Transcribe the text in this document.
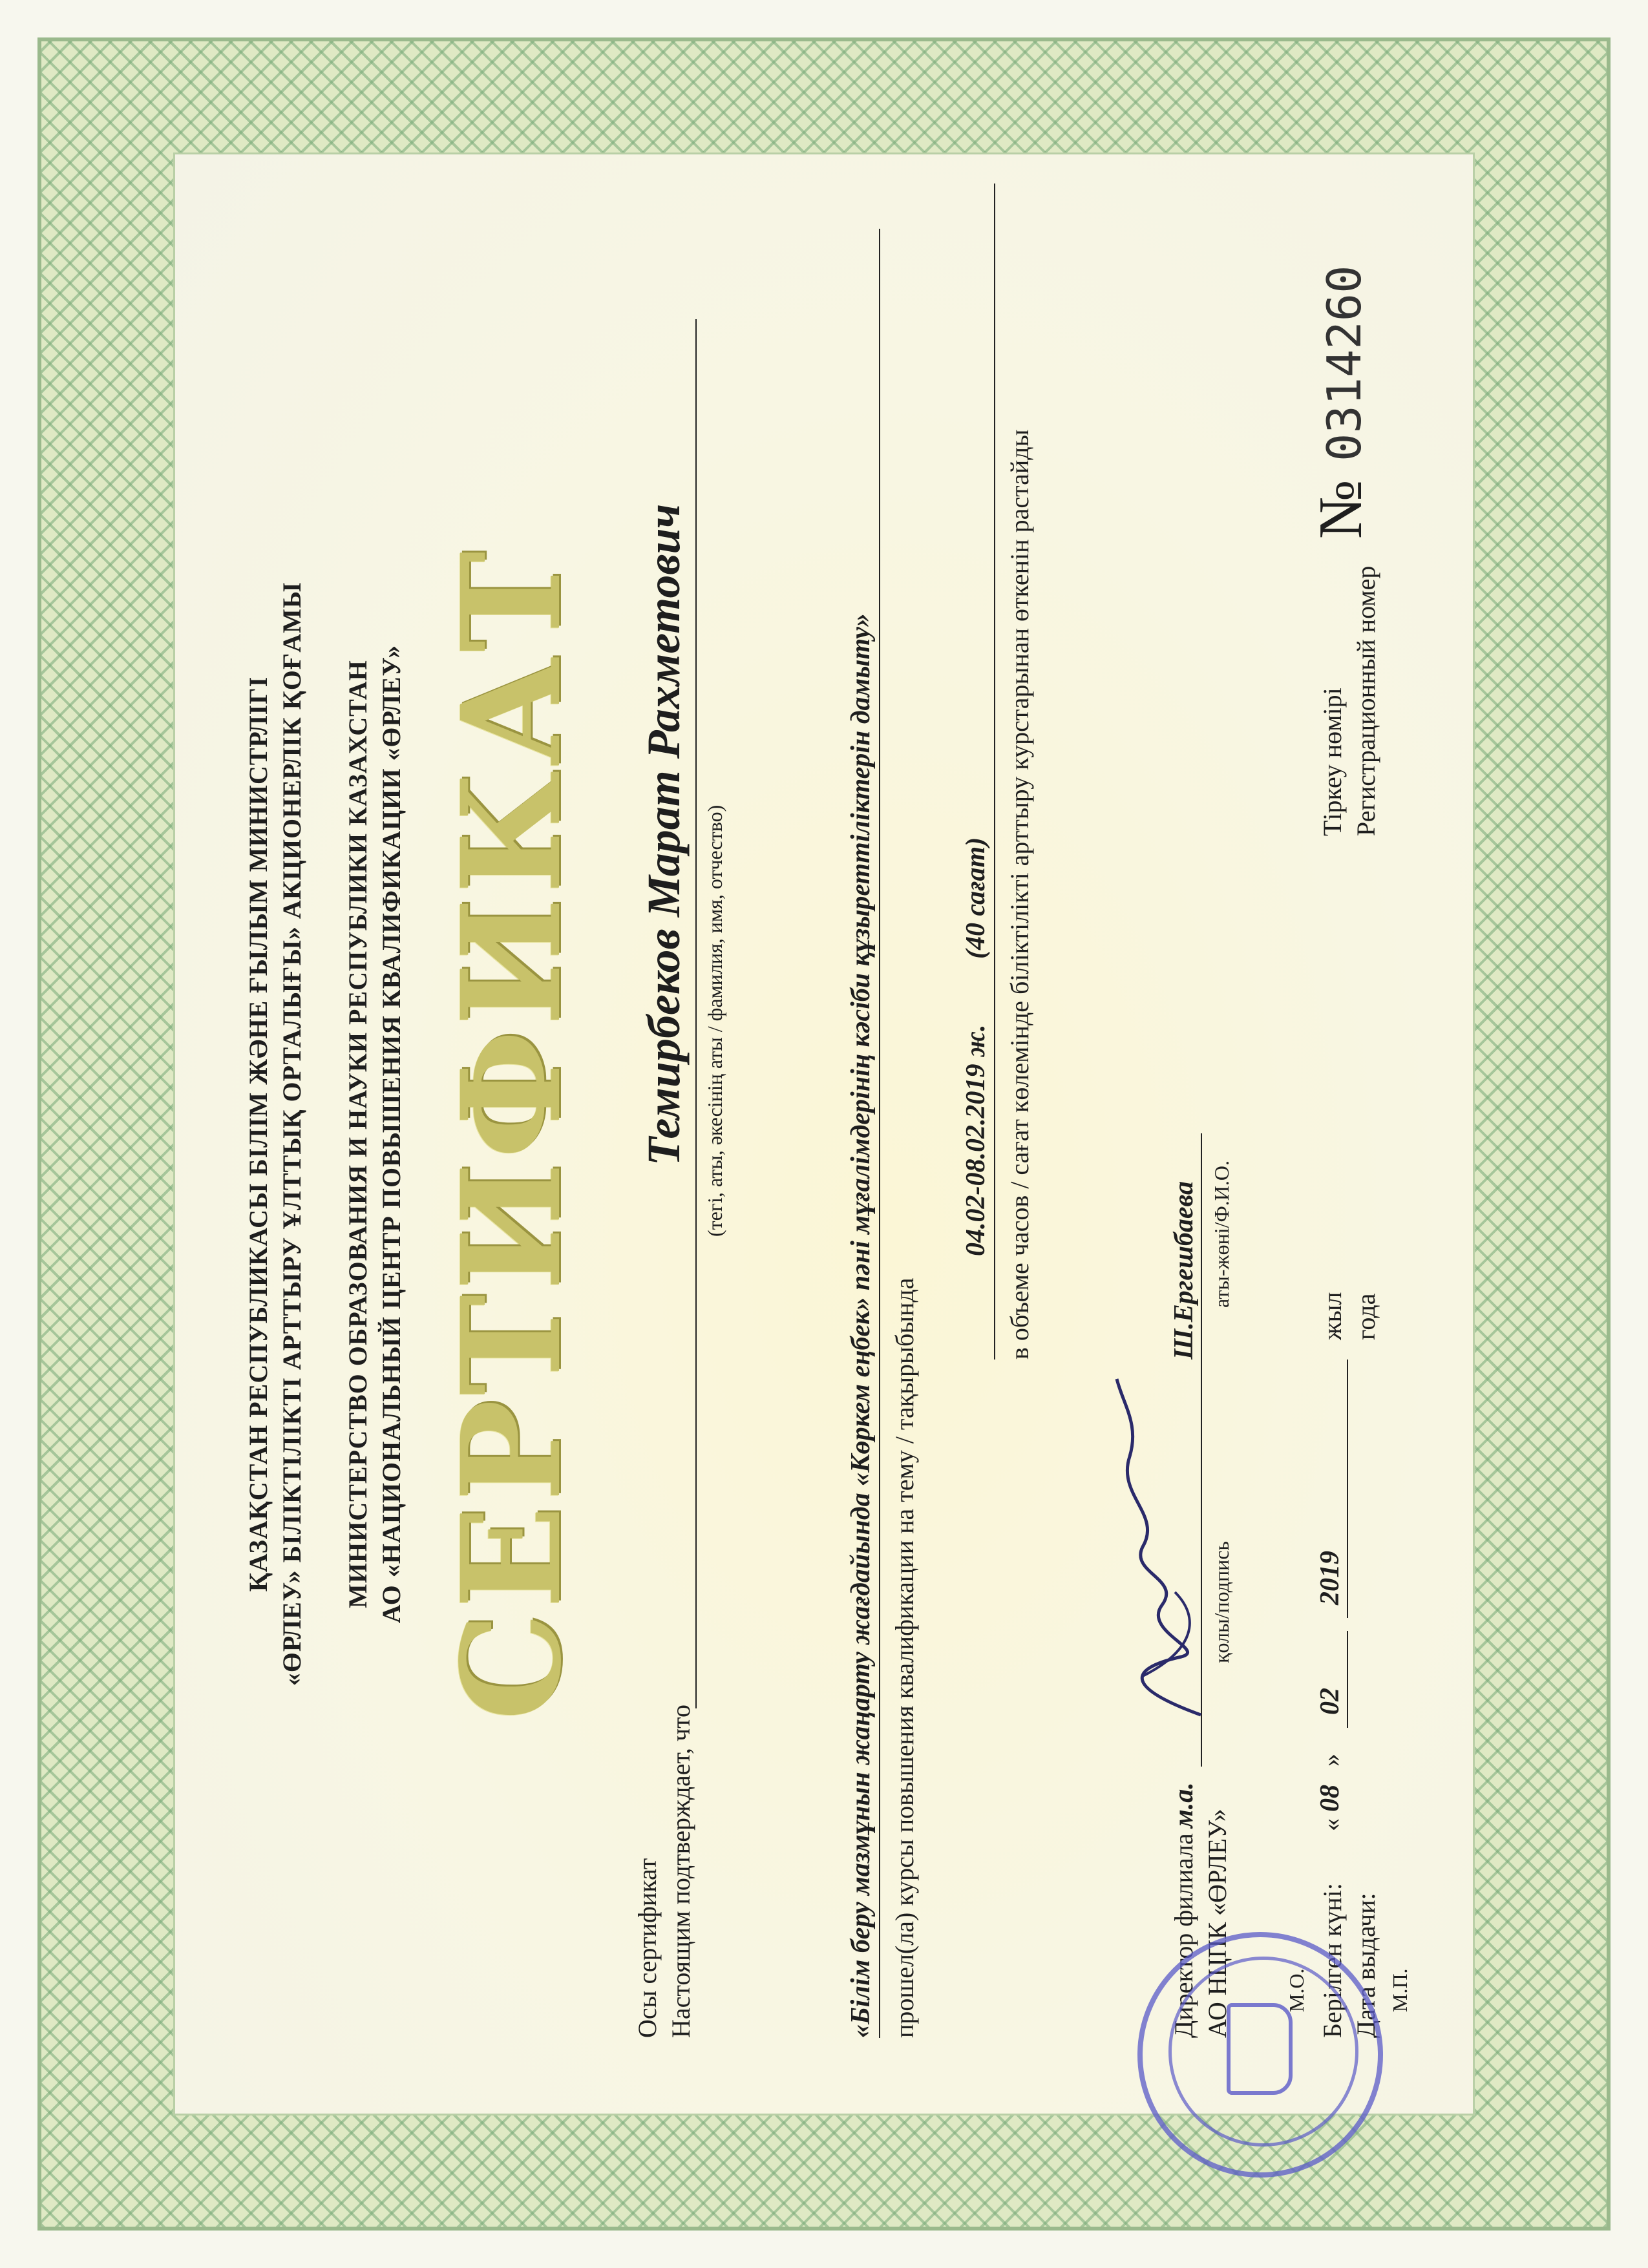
ҚАЗАҚСТАН РЕСПУБЛИКАСЫ БІЛІМ ЖӘНЕ ҒЫЛЫМ МИНИСТРЛІГІ «ӨРЛЕУ» БІЛІКТІЛІКТІ АРТТЫРУ ҰЛТТЫҚ ОРТАЛЫҒЫ» АКЦИОНЕРЛІК ҚОҒАМЫ МИНИСТЕРСТВО ОБРАЗОВАНИЯ И НАУКИ РЕСПУБЛИКИ КАЗАХСТАН АО «НАЦИОНАЛЬНЫЙ ЦЕНТР ПОВЫШЕНИЯ КВАЛИФИКАЦИИ «ӨРЛЕУ» СЕРТИФИКАТ
Осы сертификат Настоящим подтверждает, что
Темирбеков Марат Рахметович (тегі, аты, әкесінің аты / фамилия, имя, отчество)	«Білім беру мазмұнын жаңарту жағдайында «Көркем еңбек» пәні мұғалімдерінің кәсіби құзыреттіліктерін дамыту» прошел(ла) курсы повышения квалификации на тему / тақырыбында
04.02-08.02.2019 ж.
(40 сағат) в объеме часов / сағат көлемінде біліктілікті арттыру курстарынан өткенін растайды
Директор филиала АО НЦПК «ӨРЛЕУ»
м.а.
қолы/подпись
Ш.Ергешбаева аты-жөні/Ф.И.О.
Берілген күні: Дата выдачи:
«
08
»
02
2019
жыл года
М.О.	М.П.
Тіркеу нөмірі Регистрационный номер
№
0314260
